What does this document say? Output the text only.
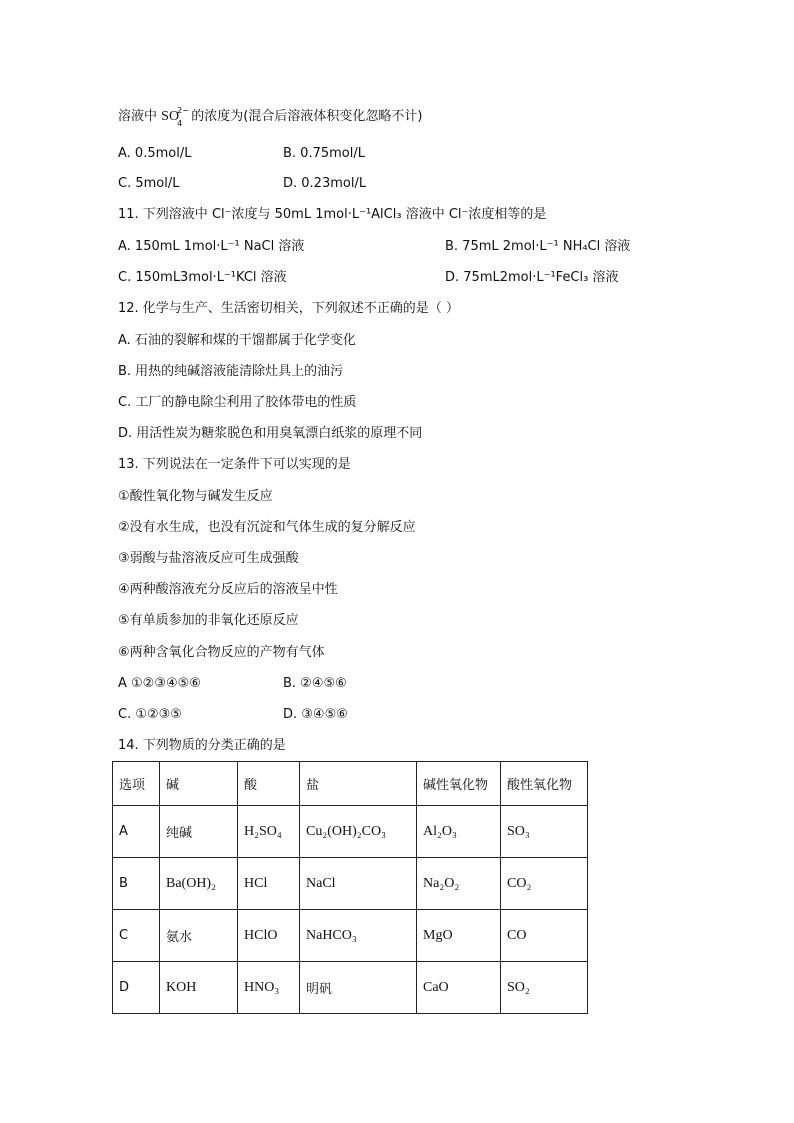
溶液中 SO
2−
4 的浓度为(混合后溶液体积变化忽略不计)
A. 0.5mol/L	B. 0.75mol/L
C. 5mol/L	D. 0.23mol/L
11. 下列溶液中 Cl⁻浓度与 50mL 1mol·L⁻¹AlCl₃ 溶液中 Cl⁻浓度相等的是
A. 150mL 1mol·L⁻¹ NaCl 溶液	B. 75mL 2mol·L⁻¹ NH₄Cl 溶液
C. 150mL3mol·L⁻¹KCl 溶液	D. 75mL2mol·L⁻¹FeCl₃ 溶液
12. 化学与生产、生活密切相关，下列叙述不正确的是（ ）
A. 石油的裂解和煤的干馏都属于化学变化
B. 用热的纯碱溶液能清除灶具上的油污
C. 工厂的静电除尘利用了胶体带电的性质
D. 用活性炭为糖浆脱色和用臭氧漂白纸浆的原理不同
13. 下列说法在一定条件下可以实现的是
①酸性氧化物与碱发生反应
②没有水生成，也没有沉淀和气体生成的复分解反应
③弱酸与盐溶液反应可生成强酸
④两种酸溶液充分反应后的溶液呈中性
⑤有单质参加的非氧化还原反应
⑥两种含氧化合物反应的产物有气体
A ①②③④⑤⑥	B. ②④⑤⑥
C. ①②③⑤	D. ③④⑤⑥
14. 下列物质的分类正确的是
选项	碱	酸	盐	碱性氧化物	酸性氧化物
A	纯碱	H₂SO₄	Cu₂(OH)₂CO₃	Al₂O₃	SO₃
B	Ba(OH)₂	HCl	NaCl	Na₂O₂	CO₂
C	氨水	HClO	NaHCO₃	MgO	CO
D	KOH	HNO₃	明矾	CaO	SO₂
